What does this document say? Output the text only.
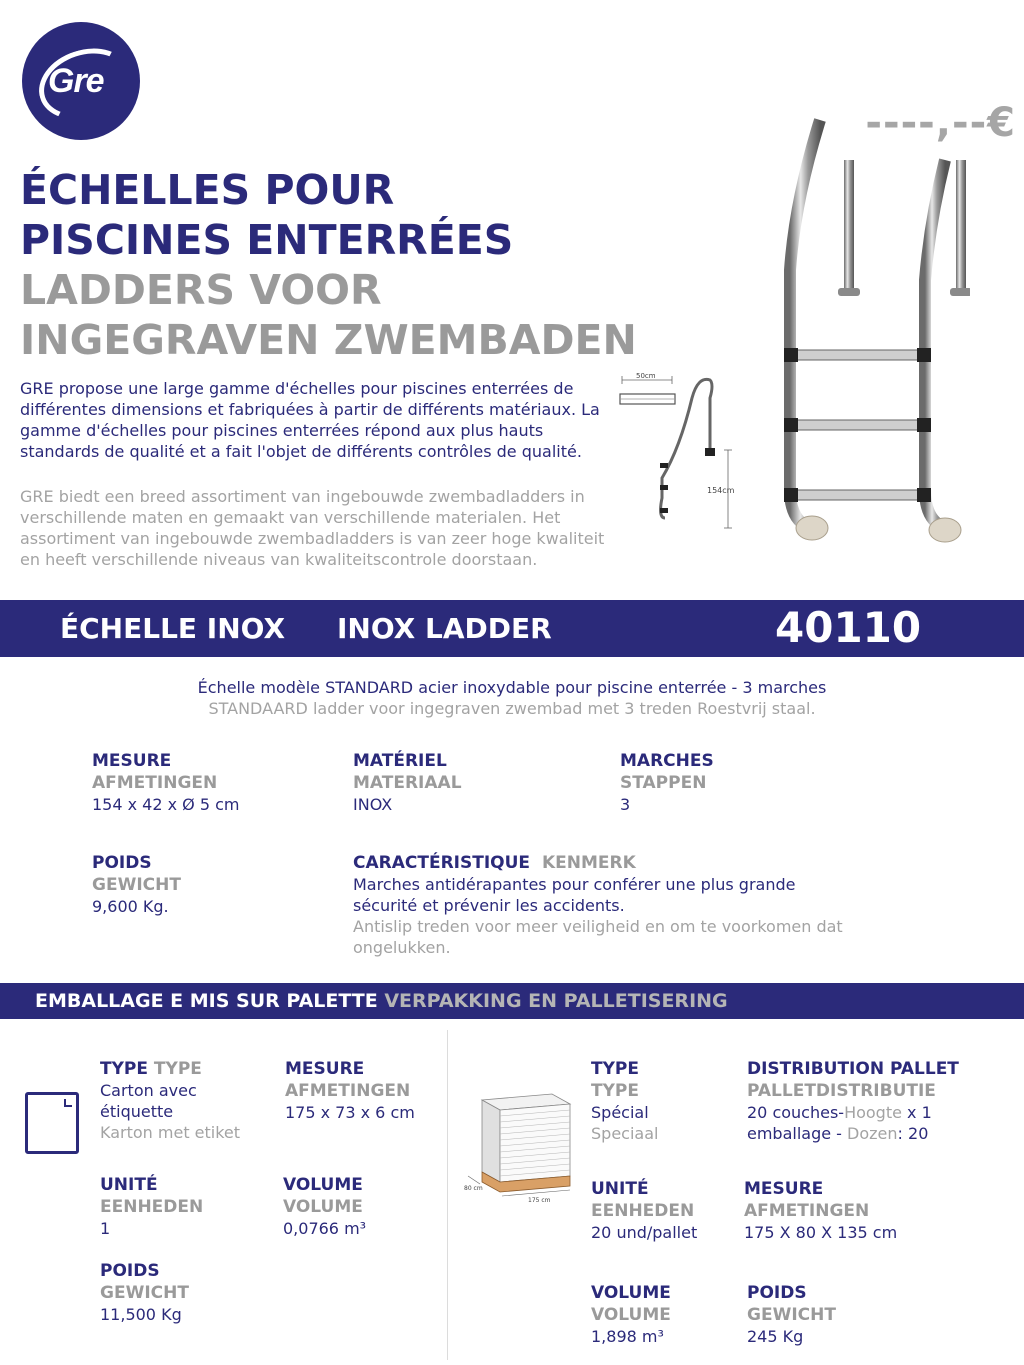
Gre
----,--€
ÉCHELLES POUR
PISCINES ENTERRÉES
LADDERS VOOR
INGEGRAVEN ZWEMBADEN
GRE propose une large gamme d'échelles pour piscines enterrées de différentes dimensions et fabriquées à partir de différents matériaux. La gamme d'échelles pour piscines enterrées répond aux plus hauts standards de qualité et a fait l'objet de différents contrôles de qualité.
GRE biedt een breed assortiment van ingebouwde zwembadladders in verschillende maten en gemaakt van verschillende materialen. Het assortiment van ingebouwde zwembadladders is van zeer hoge kwaliteit en heeft verschillende niveaus van kwaliteitscontrole doorstaan.
50cm
154cm
ÉCHELLE INOX INOX LADDER	40110
Échelle modèle STANDARD acier inoxydable pour piscine enterrée - 3 marches
STANDAARD ladder voor ingegraven zwembad met 3 treden Roestvrij staal.
MESURE
AFMETINGEN
154 x 42 x Ø 5 cm
MATÉRIEL
MATERIAAL
INOX
MARCHES
STAPPEN
3
POIDS
GEWICHT
9,600 Kg.
CARACTÉRISTIQUE KENMERK
Marches antidérapantes pour conférer une plus grande sécurité et prévenir les accidents.
Antislip treden voor meer veiligheid en om te voorkomen dat ongelukken.
EMBALLAGE E MIS SUR PALETTE VERPAKKING EN PALLETISERING
TYPE TYPE
Carton avec étiquette
Karton met etiket
MESURE
AFMETINGEN
175 x 73 x 6 cm
UNITÉ
EENHEDEN
1
VOLUME
VOLUME
0,0766 m³
POIDS
GEWICHT
11,500 Kg
80 cm
175 cm
TYPE
TYPE
Spécial
Speciaal
DISTRIBUTION PALLET
PALLETDISTRIBUTIE
20 couches-Hoogte x 1
emballage - Dozen: 20
UNITÉ
EENHEDEN
20 und/pallet
MESURE
AFMETINGEN
175 X 80 X 135 cm
VOLUME
VOLUME
1,898 m³
POIDS
GEWICHT
245 Kg
